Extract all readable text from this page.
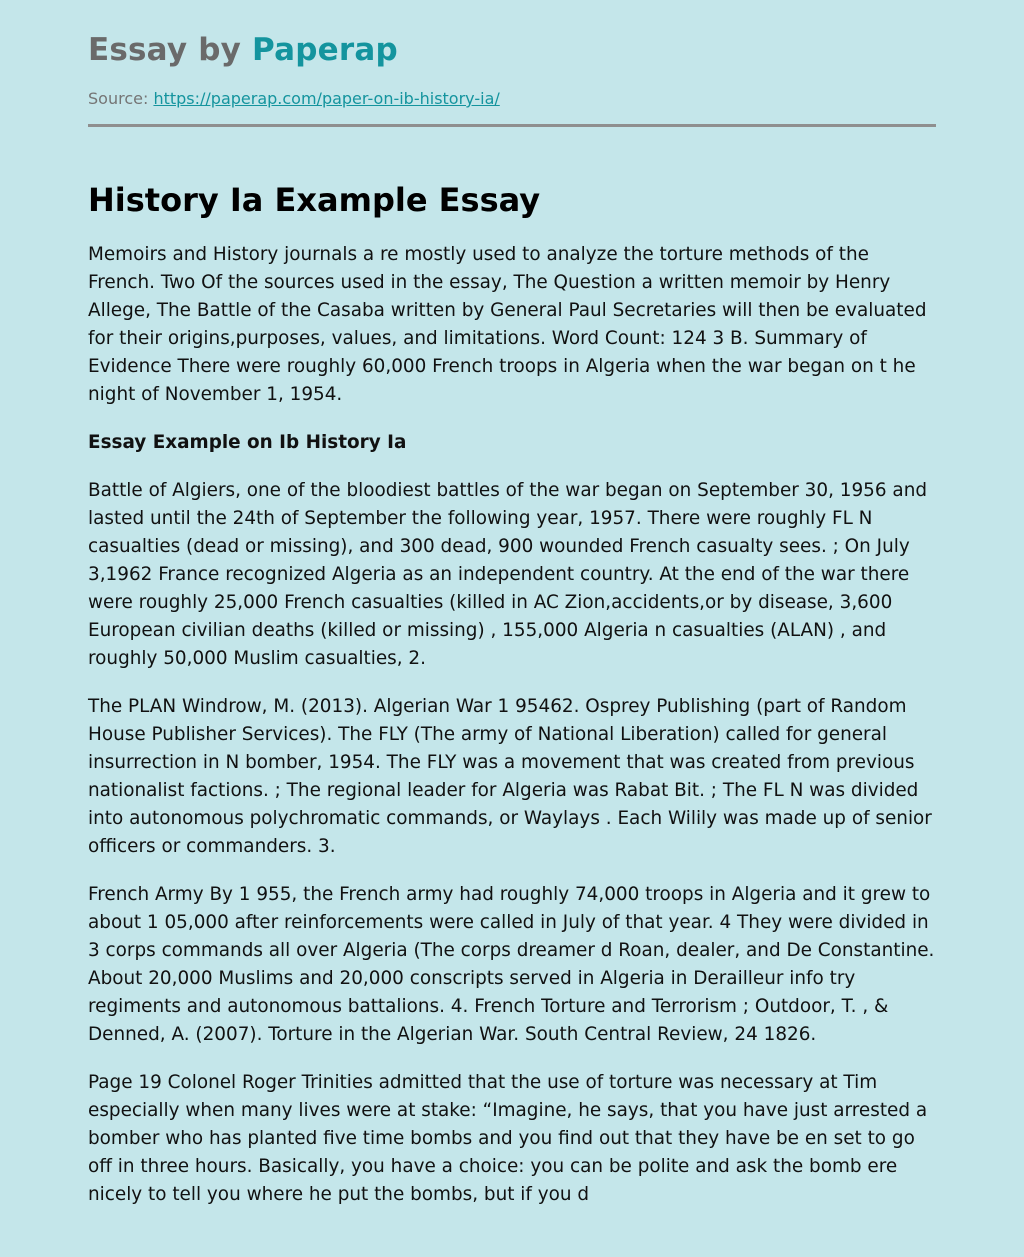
Essay by Paperap
Source: https://paperap.com/paper-on-ib-history-ia/
History Ia Example Essay

Memoirs and History journals a re mostly used to analyze the torture methods of the French. Two Of the sources used in the essay, The Question a written memoir by Henry Allege, The Battle of the Casaba written by General Paul Secretaries will then be evaluated for their origins,purposes, values, and limitations. Word Count: 124 3 B. Summary of Evidence There were roughly 60,000 French troops in Algeria when the war began on t he night of November 1, 1954.

Essay Example on Ib History Ia

Battle of Algiers, one of the bloodiest battles of the war began on September 30, 1956 and lasted until the 24th of September the following year, 1957. There were roughly FL N casualties (dead or missing), and 300 dead, 900 wounded French casualty sees. ; On July 3,1962 France recognized Algeria as an independent country. At the end of the war there were roughly 25,000 French casualties (killed in AC Zion,accidents,or by disease, 3,600 European civilian deaths (killed or missing) , 155,000 Algeria n casualties (ALAN) , and roughly 50,000 Muslim casualties, 2.

The PLAN Windrow, M. (2013). Algerian War 1 95462. Osprey Publishing (part of Random House Publisher Services). The FLY (The army of National Liberation) called for general insurrection in N bomber, 1954. The FLY was a movement that was created from previous nationalist factions. ; The regional leader for Algeria was Rabat Bit. ; The FL N was divided into autonomous polychromatic commands, or Waylays . Each Wilily was made up of senior officers or commanders. 3.

French Army By 1 955, the French army had roughly 74,000 troops in Algeria and it grew to about 1 05,000 after reinforcements were called in July of that year. 4 They were divided in 3 corps commands all over Algeria (The corps dreamer d Roan, dealer, and De Constantine. About 20,000 Muslims and 20,000 conscripts served in Algeria in Derailleur info try regiments and autonomous battalions. 4. French Torture and Terrorism ; Outdoor, T. , & Denned, A. (2007). Torture in the Algerian War. South Central Review, 24 1826.

Page 19 Colonel Roger Trinities admitted that the use of torture was necessary at Tim especially when many lives were at stake: “Imagine, he says, that you have just arrested a bomber who has planted five time bombs and you find out that they have be en set to go off in three hours. Basically, you have a choice: you can be polite and ask the bomb ere nicely to tell you where he put the bombs, but if you d
